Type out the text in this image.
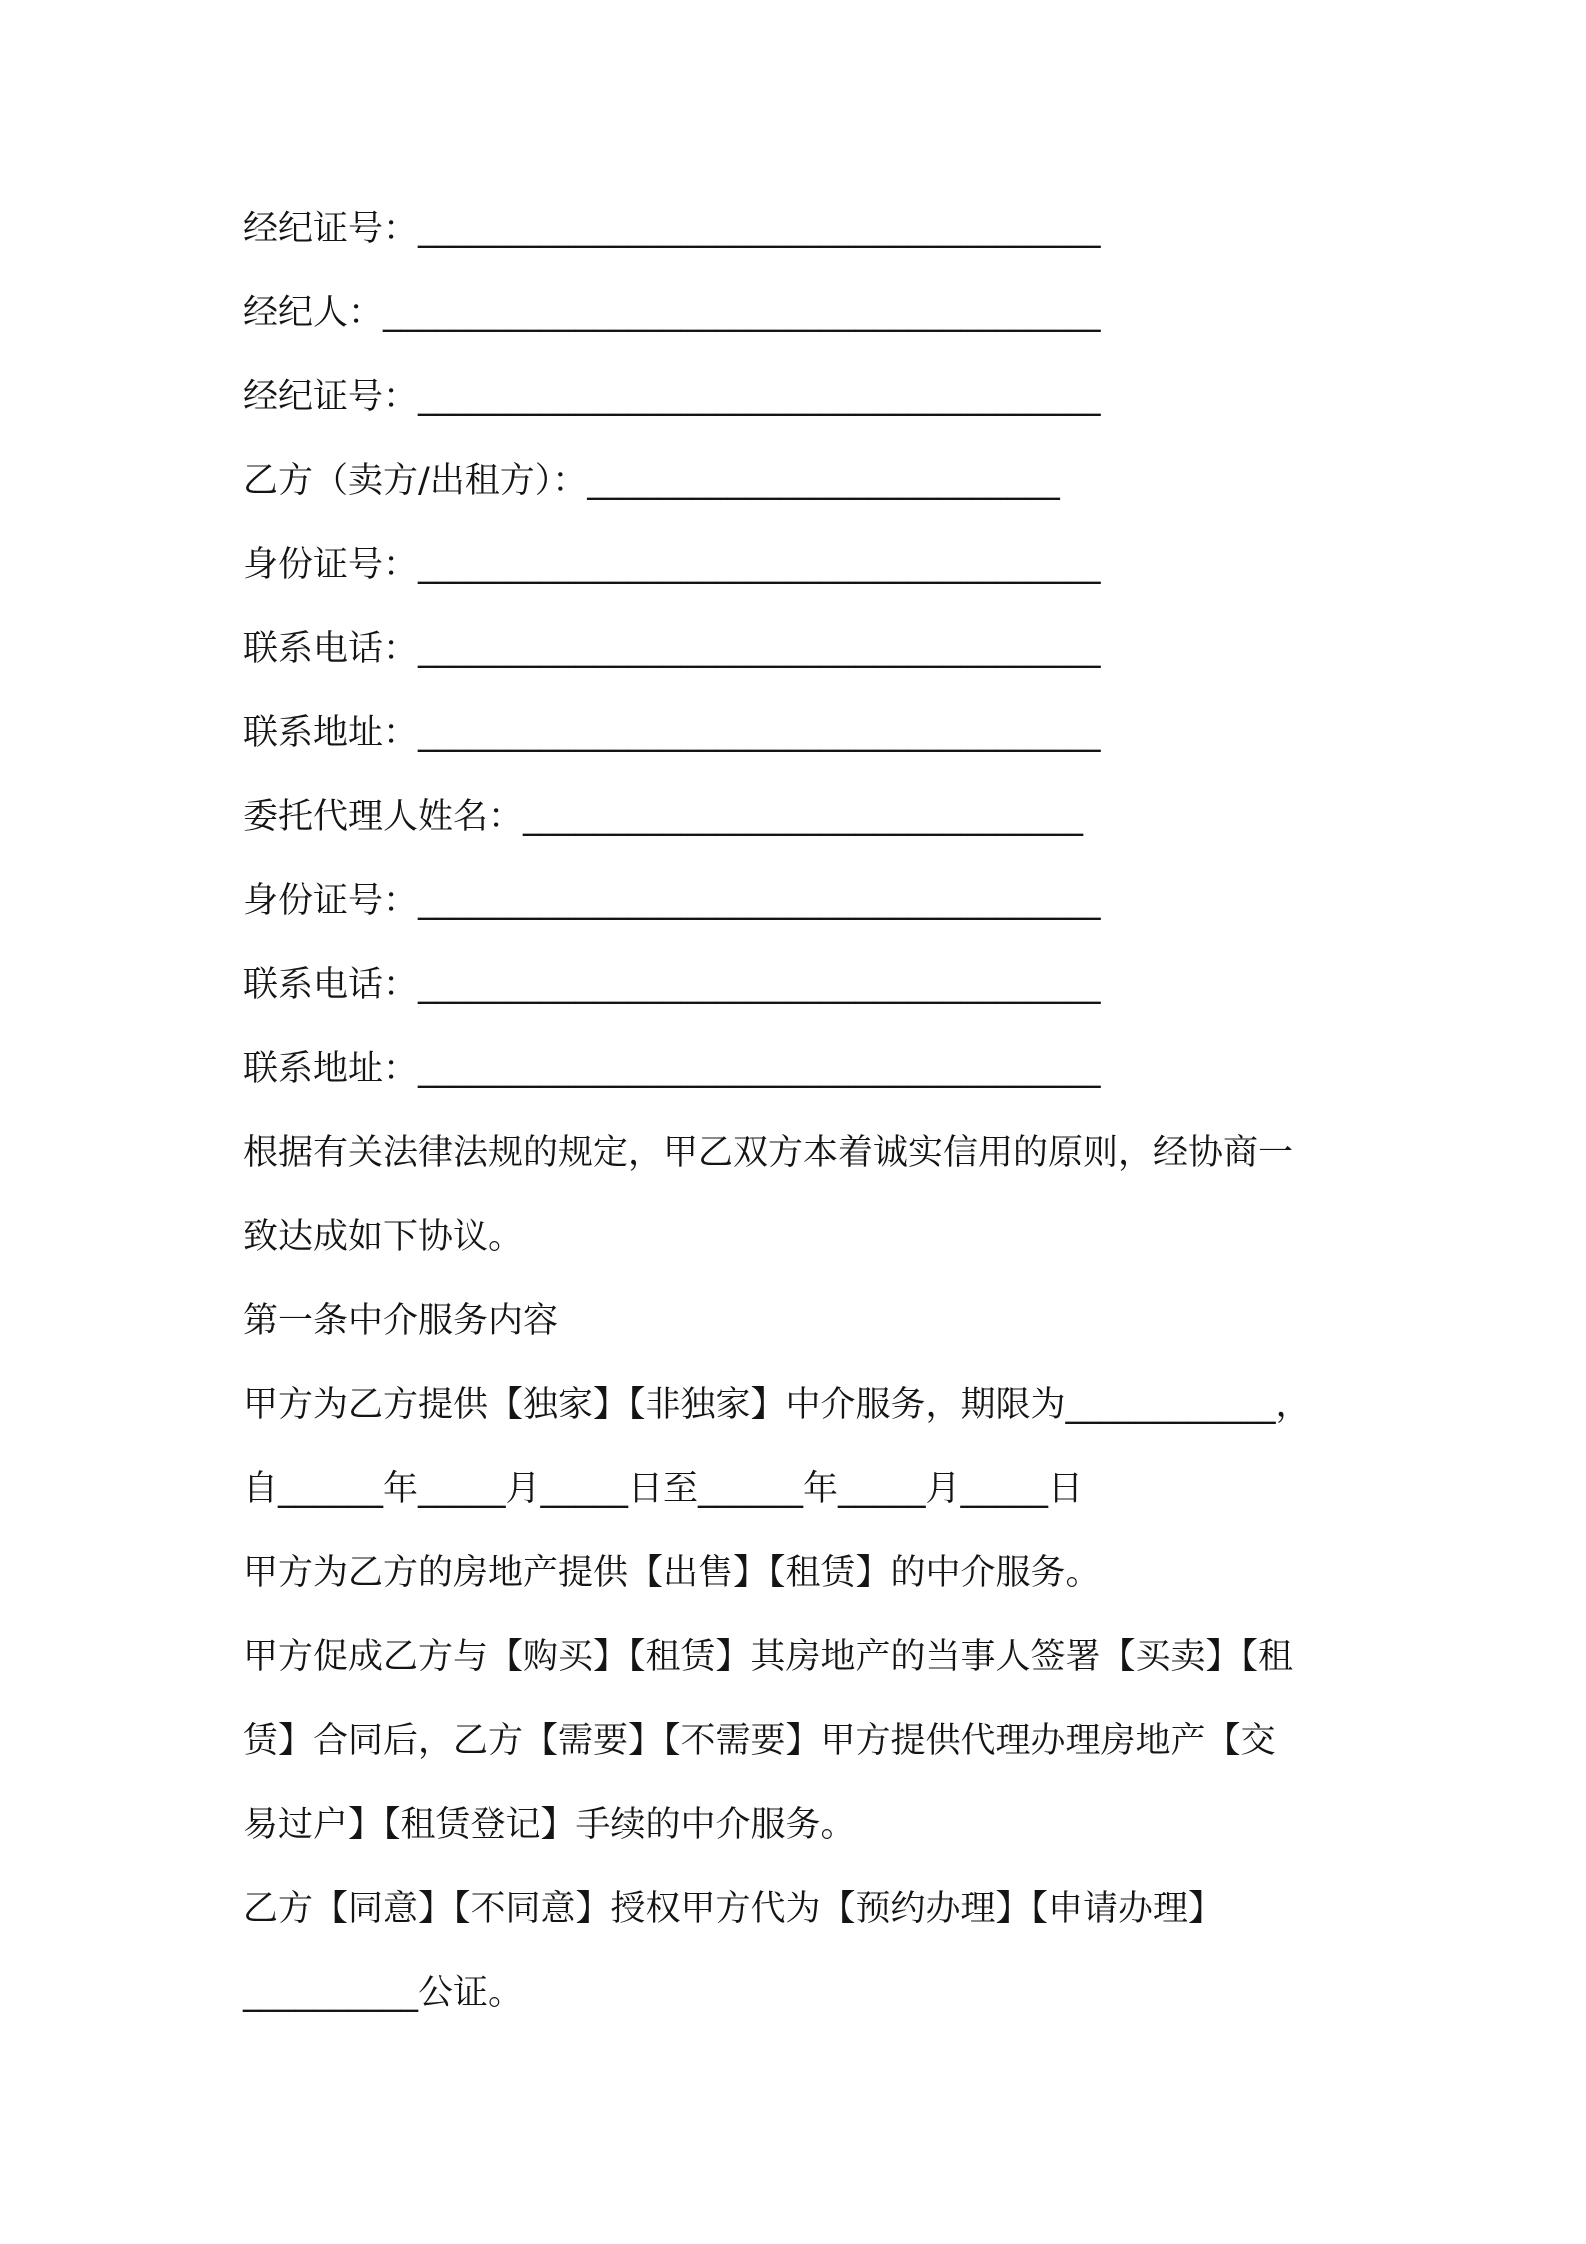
经纪证号：_______________________________________
经纪人：_________________________________________
经纪证号：_______________________________________
乙方（卖方/出租方）：___________________________
身份证号：_______________________________________
联系电话：_______________________________________
联系地址：_______________________________________
委托代理人姓名：________________________________
身份证号：_______________________________________
联系电话：_______________________________________
联系地址：_______________________________________
根据有关法律法规的规定，甲乙双方本着诚实信用的原则，经协商一
致达成如下协议。
第一条中介服务内容
甲方为乙方提供【独家】【非独家】中介服务，期限为____________，
自______年_____月_____日至______年_____月_____日
甲方为乙方的房地产提供【出售】【租赁】的中介服务。
甲方促成乙方与【购买】【租赁】其房地产的当事人签署【买卖】【租
赁】合同后，乙方【需要】【不需要】甲方提供代理办理房地产【交
易过户】【租赁登记】手续的中介服务。
乙方【同意】【不同意】授权甲方代为【预约办理】【申请办理】
__________公证。
